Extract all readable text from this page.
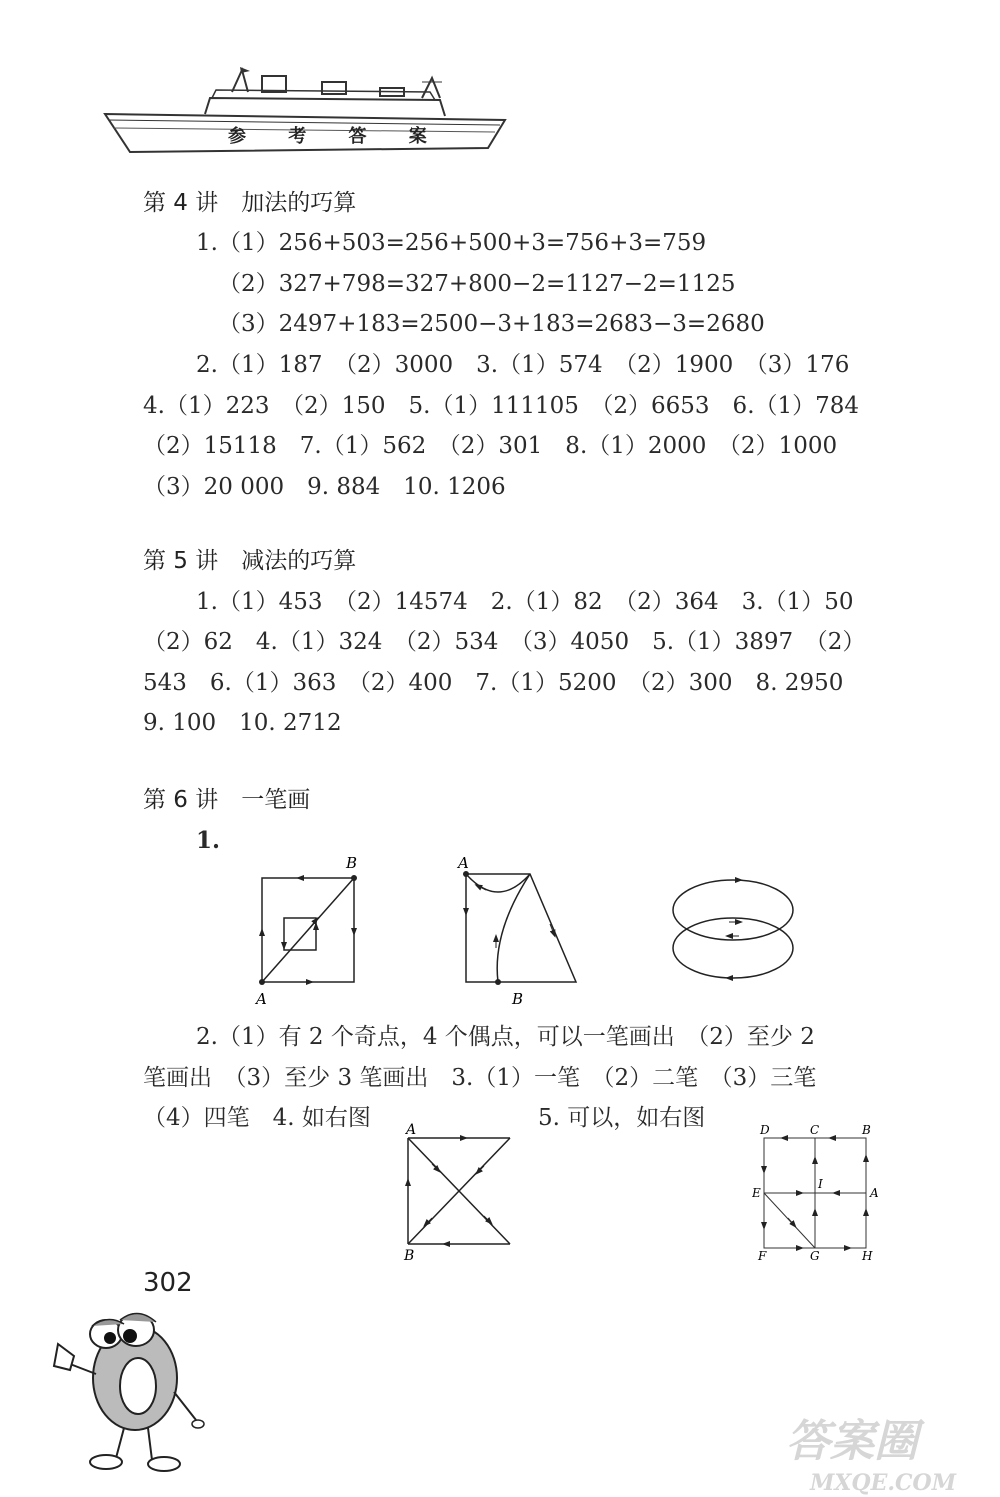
参 考 答 案
第 4 讲　加法的巧算
1.（1）256+503=256+500+3=756+3=759
（2）327+798=327+800−2=1127−2=1125
（3）2497+183=2500−3+183=2683−3=2680
2.（1）187　（2）3000　3.（1）574　（2）1900　（3）176
4.（1）223　（2）150　5.（1）111105　（2）6653　6.（1）784
（2）15118　7.（1）562　（2）301　8.（1）2000　（2）1000
（3）20 000　9. 884　10. 1206
第 5 讲　减法的巧算
1.（1）453　（2）14574　2.（1）82　（2）364　3.（1）50
（2）62　4.（1）324　（2）534　（3）4050　5.（1）3897　（2）
543　6.（1）363　（2）400　7.（1）5200　（2）300　8. 2950
9. 100　10. 2712
第 6 讲　一笔画
1.
B
A
A
B
2.（1）有 2 个奇点，4 个偶点，可以一笔画出　（2）至少 2
笔画出　（3）至少 3 笔画出　3.（1）一笔　（2）二笔　（3）三笔
（4）四笔　4. 如右图	5. 可以，如右图
A
B
D	C	B
E
I
A
F	G	H
302
答案圈
MXQE.COM
